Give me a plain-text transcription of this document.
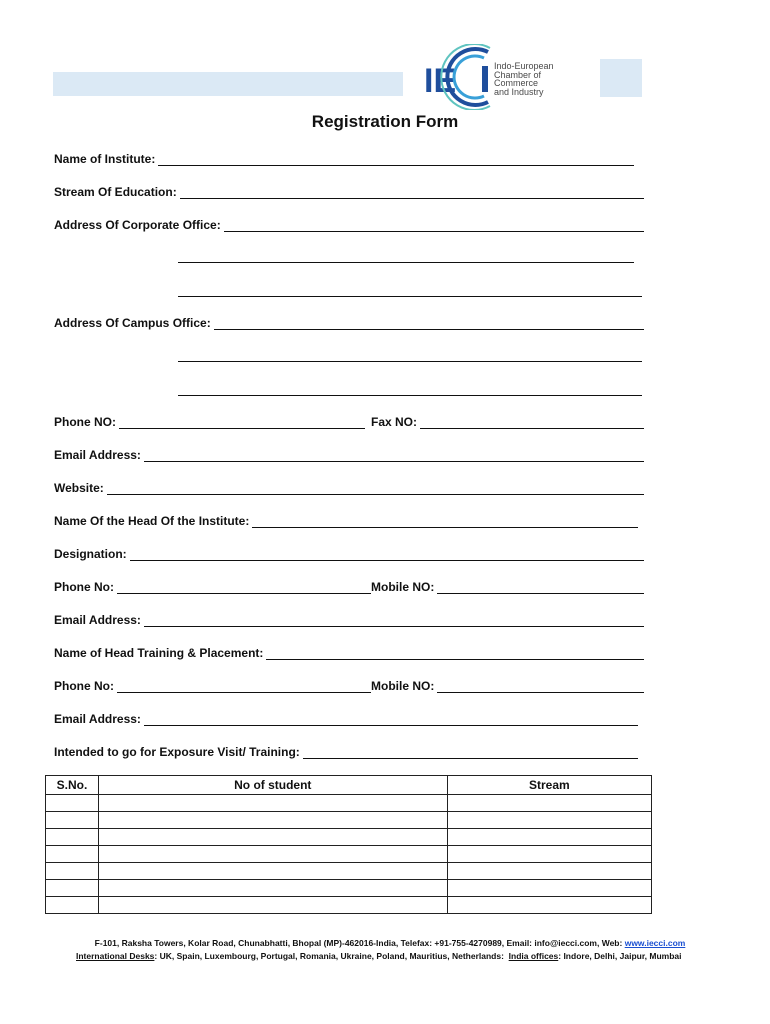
IE	Indo-European
Chamber of
Commerce
and Industry
Registration Form
Name of Institute:
Stream Of Education:
Address Of Corporate Office:
Address Of Campus Office:
Phone NO:	Fax NO:
Email Address:
Website:
Name Of the Head Of the Institute:
Designation:
Phone No:	Mobile NO:
Email Address:
Name of Head Training & Placement:
Phone No:	Mobile NO:
Email Address:
Intended to go for Exposure Visit/ Training:
S.No.	No of student	Stream

F-101, Raksha Towers, Kolar Road, Chunabhatti, Bhopal (MP)-462016-India, Telefax: +91-755-4270989, Email: info@iecci.com, Web: www.iecci.com
International Desks: UK, Spain, Luxembourg, Portugal, Romania, Ukraine, Poland, Mauritius, Netherlands: India offices: Indore, Delhi, Jaipur, Mumbai
